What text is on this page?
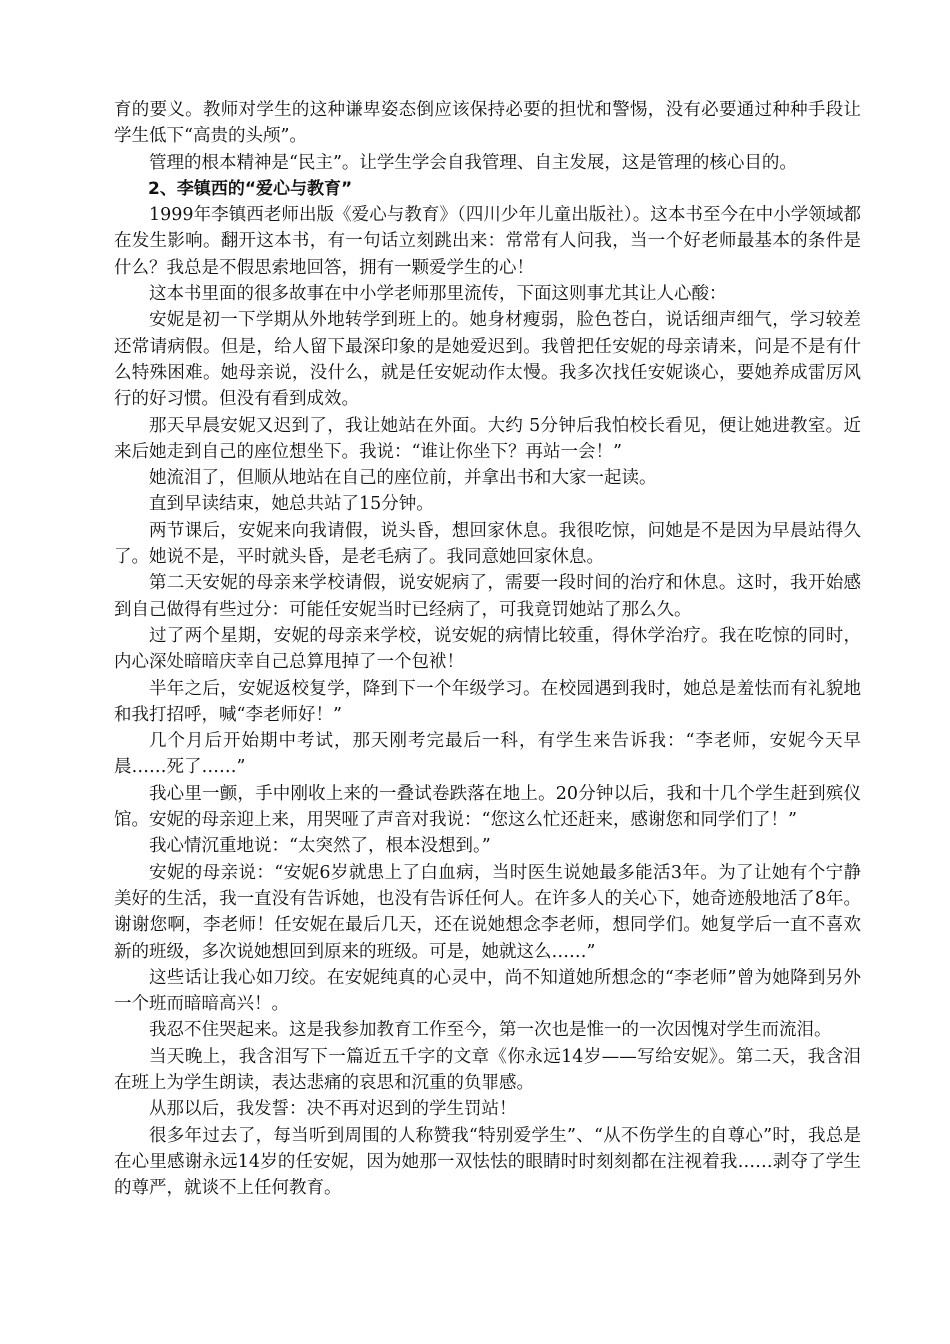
育的要义。教师对学生的这种谦卑姿态倒应该保持必要的担忧和警惕，没有必要通过种种手段让学生低下“高贵的头颅”。

管理的根本精神是“民主”。让学生学会自我管理、自主发展，这是管理的核心目的。

2、李镇西的“爱心与教育”

1999年李镇西老师出版《爱心与教育》（四川少年儿童出版社）。这本书至今在中小学领域都在发生影响。翻开这本书，有一句话立刻跳出来：常常有人问我，当一个好老师最基本的条件是什么？我总是不假思索地回答，拥有一颗爱学生的心！

这本书里面的很多故事在中小学老师那里流传，下面这则事尤其让人心酸：

安妮是初一下学期从外地转学到班上的。她身材瘦弱，脸色苍白，说话细声细气，学习较差还常请病假。但是，给人留下最深印象的是她爱迟到。我曾把任安妮的母亲请来，问是不是有什么特殊困难。她母亲说，没什么，就是任安妮动作太慢。我多次找任安妮谈心，要她养成雷厉风行的好习惯。但没有看到成效。

那天早晨安妮又迟到了，我让她站在外面。大约 5分钟后我怕校长看见，便让她进教室。近来后她走到自己的座位想坐下。我说：“谁让你坐下？再站一会！”

她流泪了，但顺从地站在自己的座位前，并拿出书和大家一起读。

直到早读结束，她总共站了15分钟。

两节课后，安妮来向我请假，说头昏，想回家休息。我很吃惊，问她是不是因为早晨站得久了。她说不是，平时就头昏，是老毛病了。我同意她回家休息。

第二天安妮的母亲来学校请假，说安妮病了，需要一段时间的治疗和休息。这时，我开始感到自己做得有些过分：可能任安妮当时已经病了，可我竟罚她站了那么久。

过了两个星期，安妮的母亲来学校，说安妮的病情比较重，得休学治疗。我在吃惊的同时，内心深处暗暗庆幸自己总算甩掉了一个包袱！

半年之后，安妮返校复学，降到下一个年级学习。在校园遇到我时，她总是羞怯而有礼貌地和我打招呼，喊“李老师好！”

几个月后开始期中考试，那天刚考完最后一科，有学生来告诉我：“李老师，安妮今天早晨……死了……”

我心里一颤，手中刚收上来的一叠试卷跌落在地上。20分钟以后，我和十几个学生赶到殡仪馆。安妮的母亲迎上来，用哭哑了声音对我说：“您这么忙还赶来，感谢您和同学们了！”

我心情沉重地说：“太突然了，根本没想到。”

安妮的母亲说：“安妮6岁就患上了白血病，当时医生说她最多能活3年。为了让她有个宁静美好的生活，我一直没有告诉她，也没有告诉任何人。在许多人的关心下，她奇迹般地活了8年。谢谢您啊，李老师！任安妮在最后几天，还在说她想念李老师，想同学们。她复学后一直不喜欢新的班级，多次说她想回到原来的班级。可是，她就这么……”

这些话让我心如刀绞。在安妮纯真的心灵中，尚不知道她所想念的“李老师”曾为她降到另外一个班而暗暗高兴！。

我忍不住哭起来。这是我参加教育工作至今，第一次也是惟一的一次因愧对学生而流泪。

当天晚上，我含泪写下一篇近五千字的文章《你永远14岁——写给安妮》。第二天，我含泪在班上为学生朗读，表达悲痛的哀思和沉重的负罪感。

从那以后，我发誓：决不再对迟到的学生罚站！

很多年过去了，每当听到周围的人称赞我“特别爱学生”、“从不伤学生的自尊心”时，我总是在心里感谢永远14岁的任安妮，因为她那一双怯怯的眼睛时时刻刻都在注视着我……剥夺了学生的尊严，就谈不上任何教育。
